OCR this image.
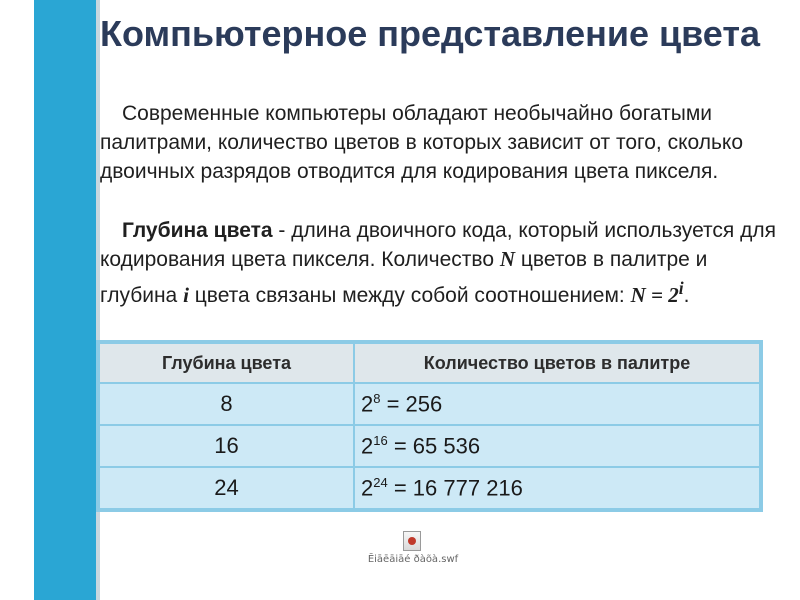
Компьютерное представление цвета

Современные компьютеры обладают необычайно богатыми палитрами, количество цветов в которых зависит от того, сколько двоичных разрядов отводится для кодирования цвета пикселя.

Глубина цвета - длина двоичного кода, который используется для кодирования цвета пикселя. Количество N цветов в палитре и глубина i цвета связаны между собой соотношением: $N = 2^i$.

Глубина цвета	Количество цветов в палитре
8	$2^8 = 256$
16	$2^{16} = 65$ 536
24	$2^{24} = 16$ 777 216
Ēiāēāiāé ðàõà.swf
